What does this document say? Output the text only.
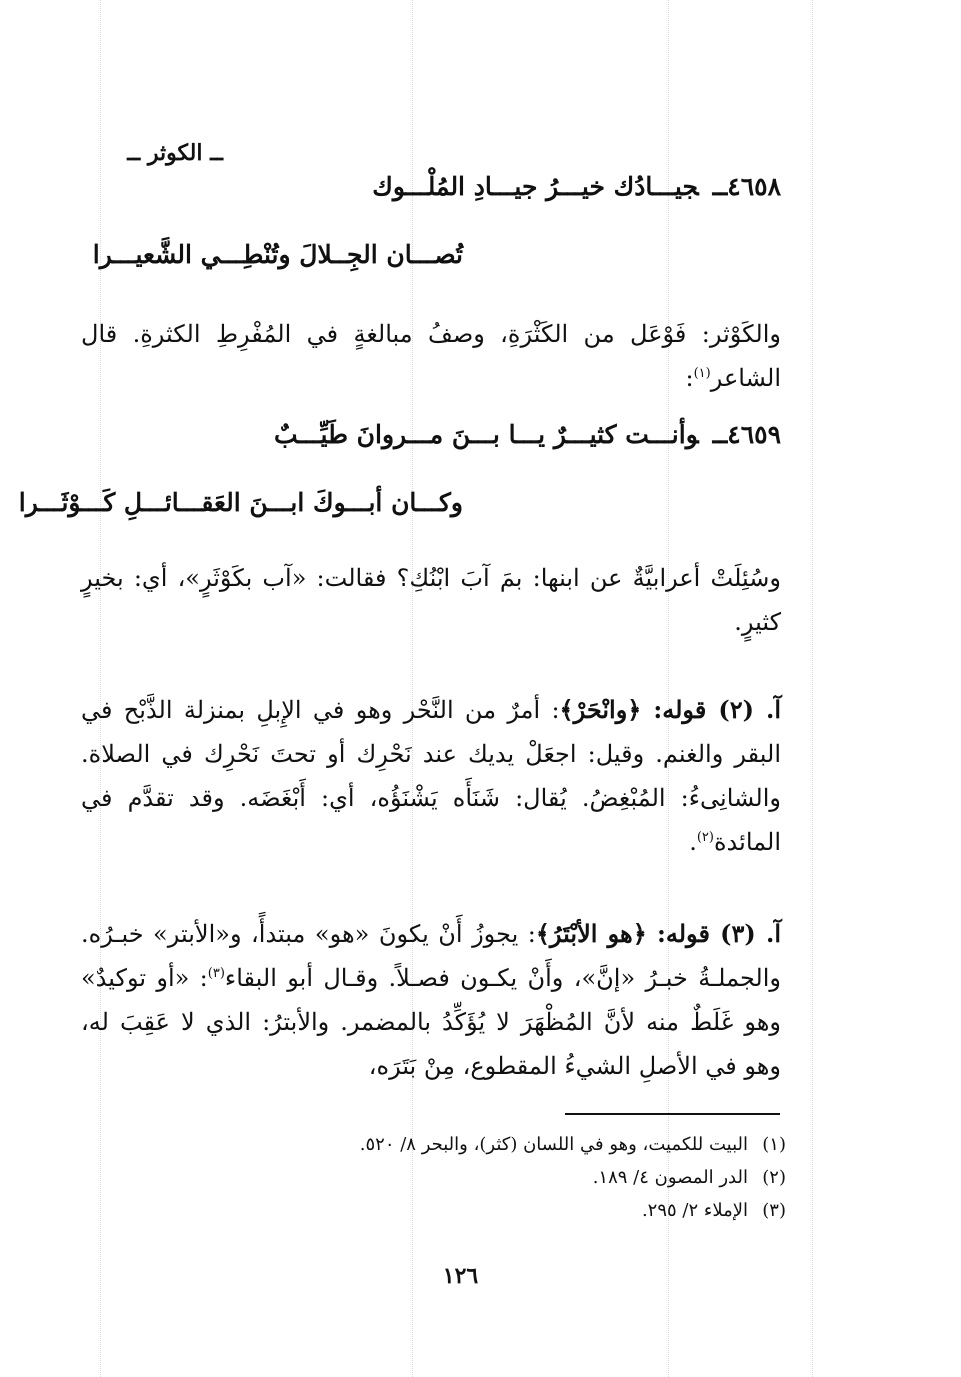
ــ الكوثر ــ
٤٦٥٨ــجيـــادُك خيـــرُ جيـــادِ المُلْـــوك
تُصـــان الجِــلالَ وتُنْطِـــي الشَّعيـــرا
والكَوْثر: فَوْعَل من الكَثْرَةِ، وصفُ مبالغةٍ في المُفْرِطِ الكثرةِ. قال الشاعر$^{(١)}$:
٤٦٥٩ــوأنـــت كثيـــرٌ يـــا بـــنَ مـــروانَ طَيِّـــبٌ
وكـــان أبـــوكَ ابـــنَ العَقـــائـــلِ كَـــوْثَـــرا
وسُئِلَتْ أعرابيَّةٌ عن ابنها: بمَ آبَ ابْنُكِ؟ فقالت: «آب بكَوْثَرٍ»، أي: بخيرٍ كثيرٍ.
آ. (٢) قوله: ﴿وانْحَرْ﴾: أمرٌ من النَّحْر وهو في الإِبلِ بمنزلة الذَّبْح في البقر والغنم. وقيل: اجعَلْ يديك عند نَحْرِك أو تحتَ نَحْرِك في الصلاة. والشانِىءُ: المُبْغِضُ. يُقال: شَنَأَه يَشْنَؤُه، أي: أَبْغَضَه. وقد تقدَّم في المائدة$^{(٢)}$.
آ. (٣) قوله: ﴿هو الأبْتَرُ﴾: يجوزُ أَنْ يكونَ «هو» مبتدأً، و«الأبتر» خبـرُه. والجملـةُ خبـرُ «إنَّ»، وأَنْ يكـون فصـلاً. وقـال أبو البقاء$^{(٣)}$: «أو توكيدٌ» وهو غَلَطٌ منه لأنَّ المُظْهَرَ لا يُؤَكِّدُ بالمضمر. والأبترُ: الذي لا عَقِبَ له، وهو في الأصلِ الشيءُ المقطوع، مِنْ بَتَرَه،
(١)البيت للكميت، وهو في اللسان (كثر)، والبحر ٨/ ٥٢٠.
(٢)الدر المصون ٤/ ١٨٩.
(٣)الإملاء ٢/ ٢٩٥.
١٢٦
